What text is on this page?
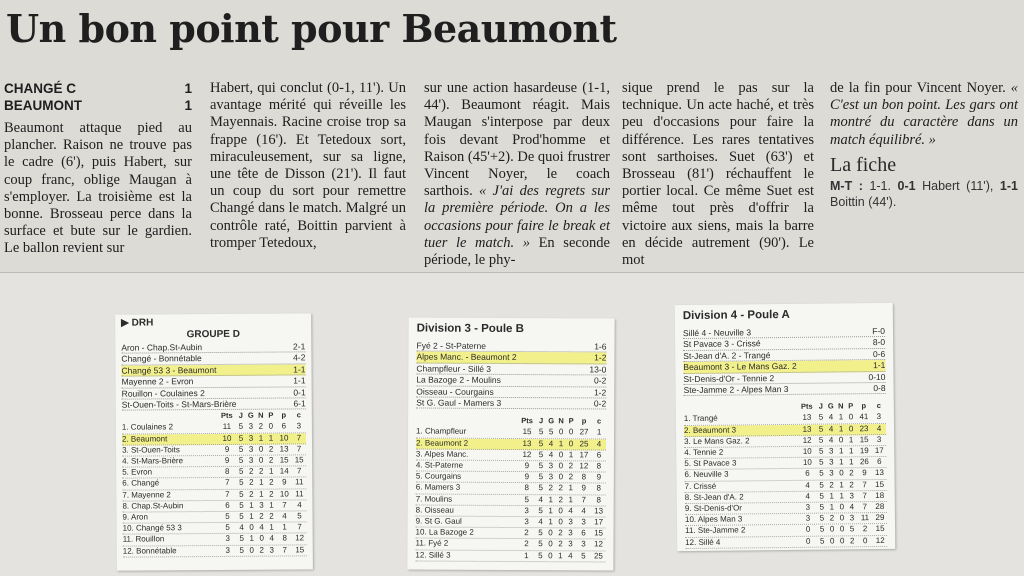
Un bon point pour Beaumont
CHANGÉ C	1
BEAUMONT	1
Beaumont attaque pied au plancher. Raison ne trouve pas le cadre (6'), puis Habert, sur coup franc, oblige Maugan à s'employer. La troisième est la bonne. Brosseau perce dans la surface et bute sur le gardien. Le ballon revient sur
Habert, qui conclut (0-1, 11'). Un avantage mérité qui réveille les Mayennais. Racine croise trop sa frappe (16'). Et Tetedoux sort, miraculeusement, sur sa ligne, une tête de Disson (21'). Il faut un coup du sort pour remettre Changé dans le match. Malgré un contrôle raté, Boittin parvient à tromper Tetedoux,
sur une action hasardeuse (1-1, 44'). Beaumont réagit. Mais Maugan s'interpose par deux fois devant Prod'homme et Raison (45'+2). De quoi frustrer Vincent Noyer, le coach sarthois. « J'ai des regrets sur la première période. On a les occasions pour faire le break et tuer le match. » En seconde période, le phy-
sique prend le pas sur la technique. Un acte haché, et très peu d'occasions pour faire la différence. Les rares tentatives sont sarthoises. Suet (63') et Brosseau (81') réchauffent le portier local. Ce même Suet est même tout près d'offrir la victoire aux siens, mais la barre en décide autrement (90'). Le mot
de la fin pour Vincent Noyer. « C'est un bon point. Les gars ont montré du caractère dans un match équilibré. »
La fiche
M-T : 1-1. 0-1 Habert (11'), 1-1 Boittin (44').
▶ DRH
GROUPE D
Aron - Chap.St-Aubin	2-1
Changé - Bonnétable	4-2
Changé 53 3 - Beaumont	1-1
Mayenne 2 - Evron	1-1
Rouillon - Coulaines 2	0-1
St-Ouen-Toits - St-Mars-Brière	6-1
Pts J G N P	p	c
1. Coulaines 2	11 5 3 2 0	6	3
2. Beaumont	10 5 3 1 1 10	7
3. St-Ouen-Toits	9	5 3 0 2 13	7
4. St-Mars-Brière	9	5 3 0 2 15 15
5. Evron	8	5 2 2 1 14	7
6. Changé	7	5 2 1 2	9	11
7. Mayenne 2	7	5 2 1 2 10 11
8. Chap.St-Aubin	6	5 1 3 1	7	4
9. Aron	5	5 1 2 2	4	5
10. Changé 53 3	5	4 0 4 1	1	7
11. Rouillon	3	5 1 0 4	8	12
12. Bonnétable	3	5 0 2 3	7	15
Division 3 - Poule B
Fyé 2 - St-Paterne	1-6
Alpes Manc. - Beaumont 2	1-2
Champfleur - Sillé 3	13-0
La Bazoge 2 - Moulins	0-2
Oisseau - Courgains	1-2
St G. Gaul - Mamers 3	0-2
Pts J G N P	p	c
1. Champfleur	15 5 5 0 0 27	1
2. Beaumont 2	13 5 4 1 0 25	4
3. Alpes Manc.	12 5 4 0 1 17	6
4. St-Paterne	9	5 3 0 2 12	8
5. Courgains	9	5 3 0 2	8	9
6. Mamers 3	8	5 2 2 1	9	8
7. Moulins	5	4 1 2 1	7	8
8. Oisseau	3	5 1 0 4	4	13
9. St G. Gaul	3	4 1 0 3	3	17
10. La Bazoge 2	2	5 0 2 3	6	15
11. Fyé 2	2	5 0 2 3	3	12
12. Sillé 3	1	5 0 1 4	5	25
Division 4 - Poule A
Sillé 4 - Neuville 3	F-0
St Pavace 3 - Crissé	8-0
St-Jean d'A. 2 - Trangé	0-6
Beaumont 3 - Le Mans Gaz. 2	1-1
St-Denis-d'Or - Tennie 2	0-10
Ste-Jamme 2 - Alpes Man 3	0-8
Pts J G N P	p	c
1. Trangé	13 5 4 1 0 41	3
2. Beaumont 3	13 5 4 1 0 23	4
3. Le Mans Gaz. 2	12 5 4 0 1 15	3
4. Tennie 2	10 5 3 1 1 19 17
5. St Pavace 3	10 5 3 1 1 26	6
6. Neuville 3	6	5 3 0 2	9	13
7. Crissé	4	5 2 1 2	7	15
8. St-Jean d'A. 2	4	5 1 1 3	7	18
9. St-Denis-d'Or	3	5 1 0 4	7	28
10. Alpes Man 3	3	5 2 0 3 11 29
11. Ste-Jamme 2	0	5 0 0 5	2	15
12. Sillé 4	0	5 0 0 2	0	12
